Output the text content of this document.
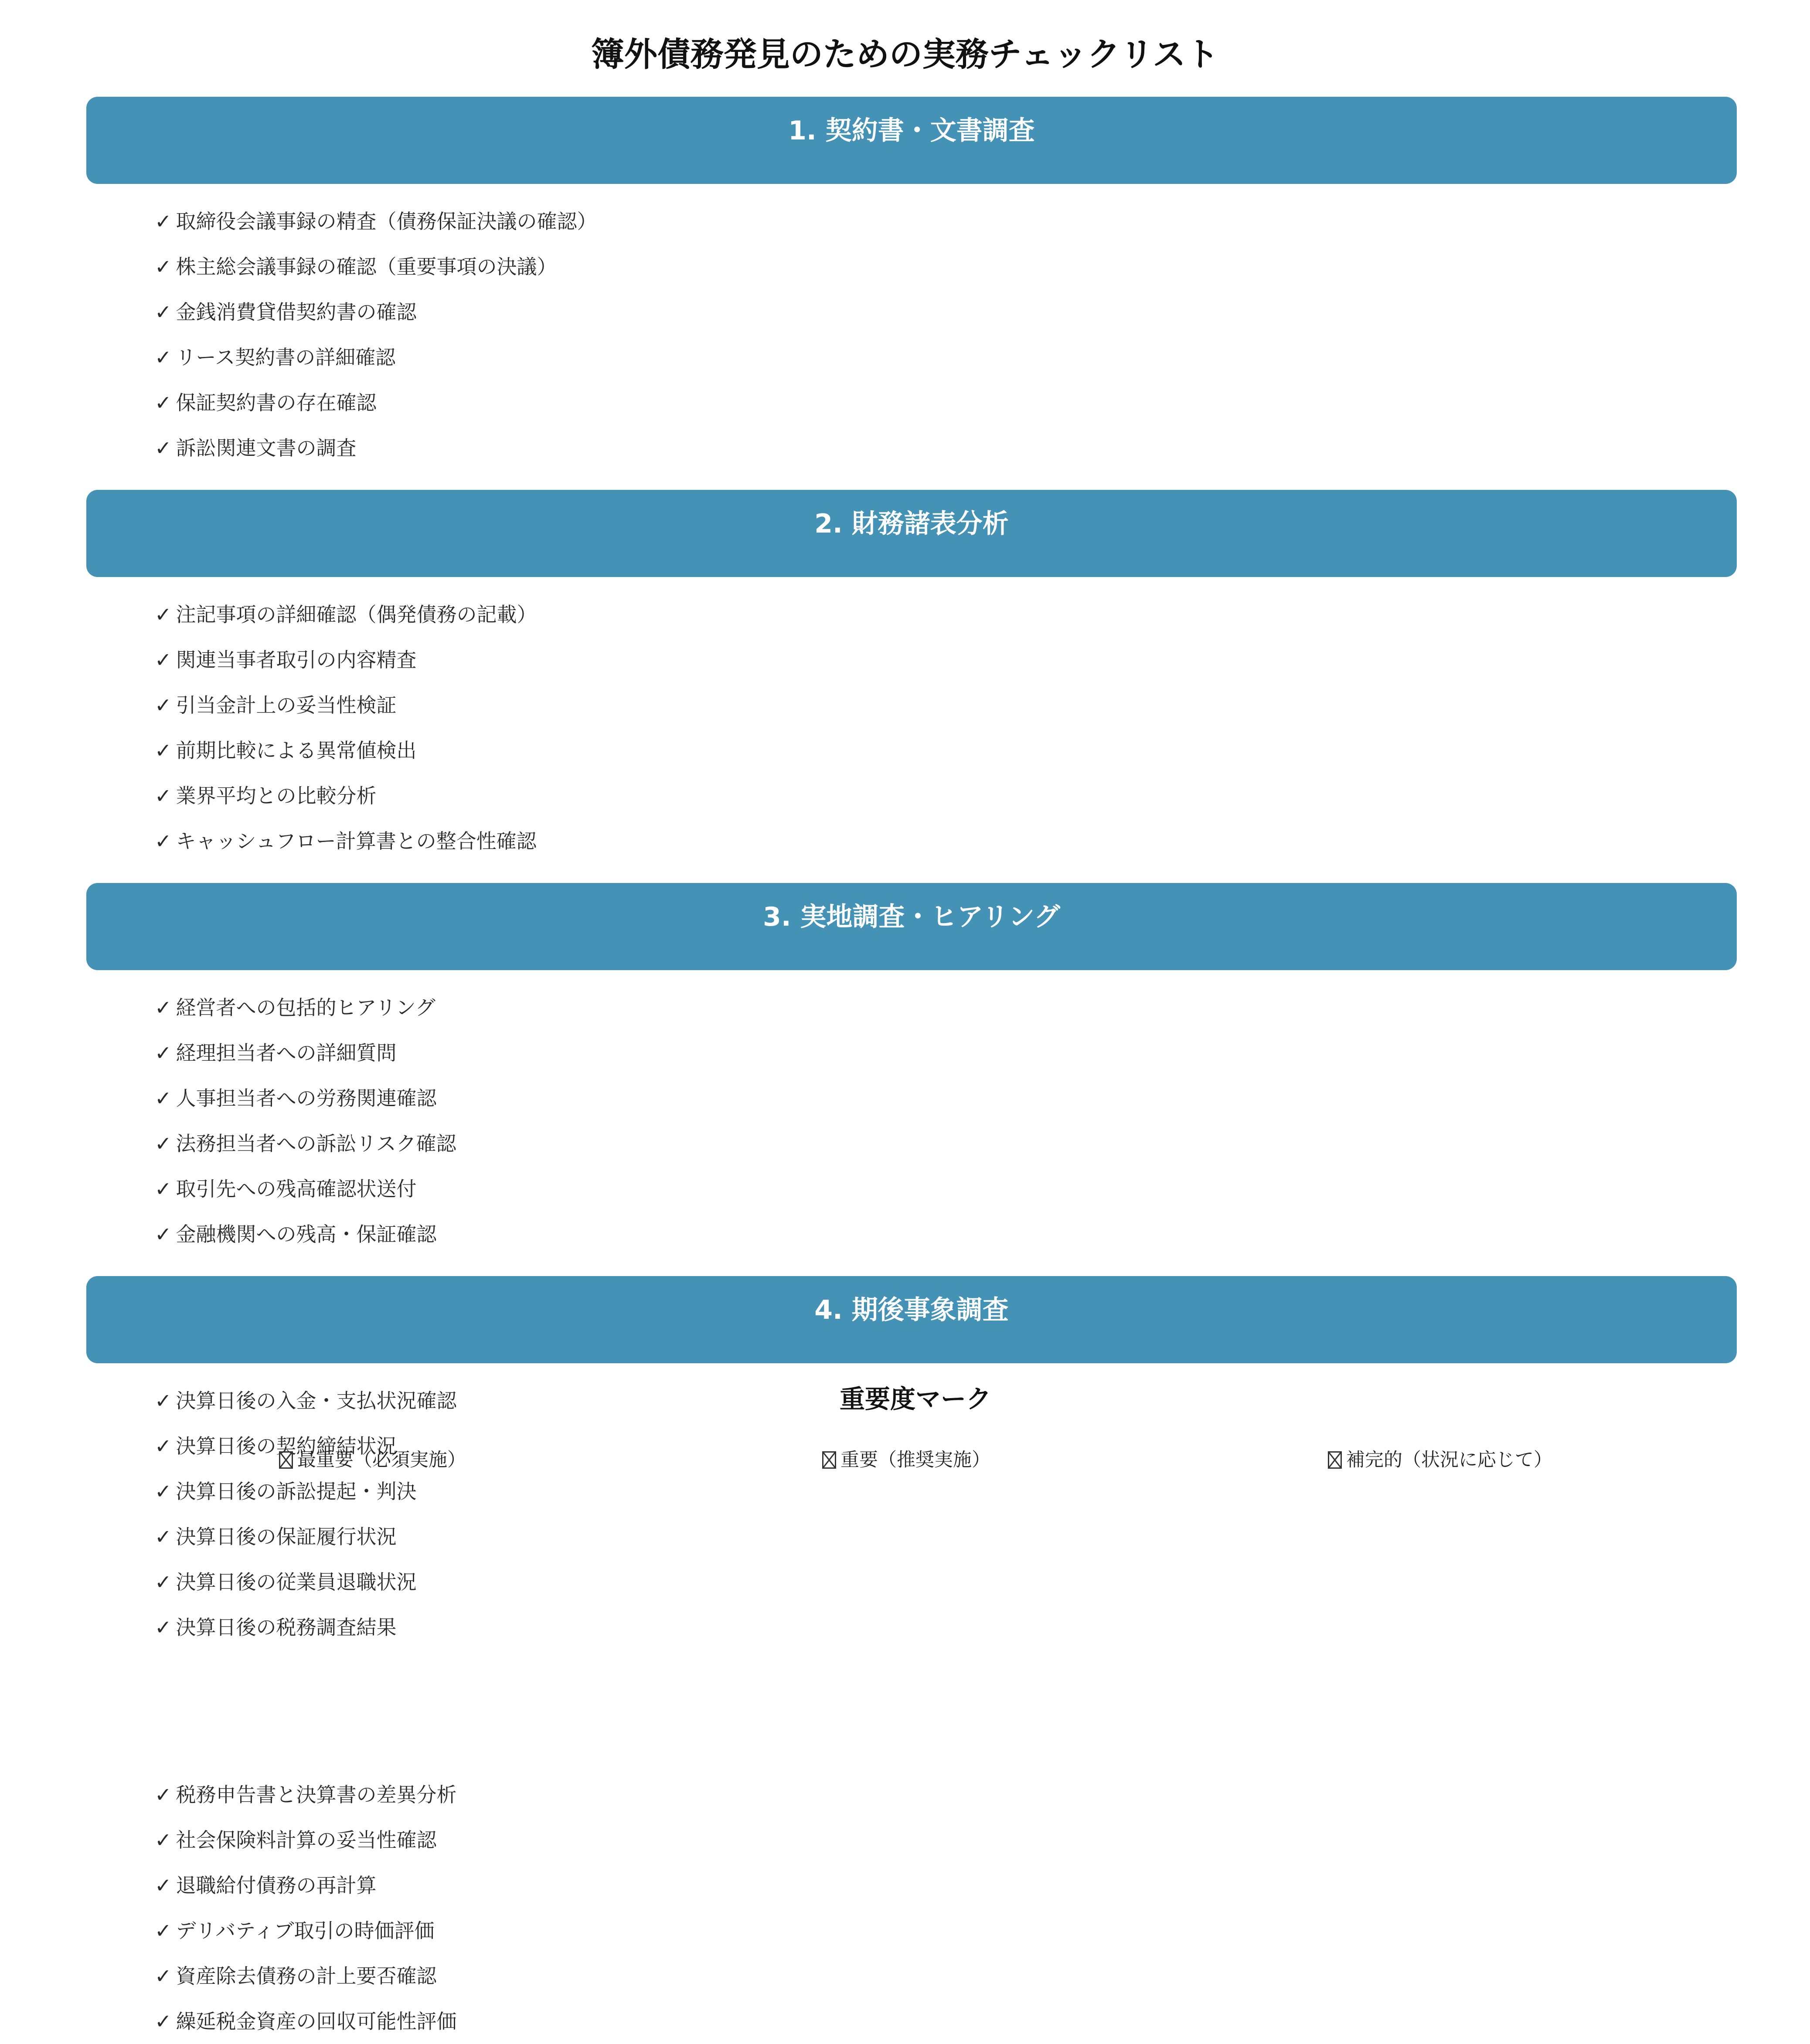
簿外債務発見のための実務チェックリスト
1. 契約書・文書調査
✓ 取締役会議事録の精査（債務保証決議の確認）
✓ 株主総会議事録の確認（重要事項の決議）
✓ 金銭消費貸借契約書の確認
✓ リース契約書の詳細確認
✓ 保証契約書の存在確認
✓ 訴訟関連文書の調査
2. 財務諸表分析
✓ 注記事項の詳細確認（偶発債務の記載）
✓ 関連当事者取引の内容精査
✓ 引当金計上の妥当性検証
✓ 前期比較による異常値検出
✓ 業界平均との比較分析
✓ キャッシュフロー計算書との整合性確認
3. 実地調査・ヒアリング
✓ 経営者への包括的ヒアリング
✓ 経理担当者への詳細質問
✓ 人事担当者への労務関連確認
✓ 法務担当者への訴訟リスク確認
✓ 取引先への残高確認状送付
✓ 金融機関への残高・保証確認
4. 期後事象調査
✓ 決算日後の入金・支払状況確認
✓ 決算日後の契約締結状況
✓ 決算日後の訴訟提起・判決
✓ 決算日後の保証履行状況
✓ 決算日後の従業員退職状況
✓ 決算日後の税務調査結果
重要度マーク
最重要（必須実施）	重要（推奨実施）	補完的（状況に応じて）
✓ 税務申告書と決算書の差異分析
✓ 社会保険料計算の妥当性確認
✓ 退職給付債務の再計算
✓ デリバティブ取引の時価評価
✓ 資産除去債務の計上要否確認
✓ 繰延税金資産の回収可能性評価
